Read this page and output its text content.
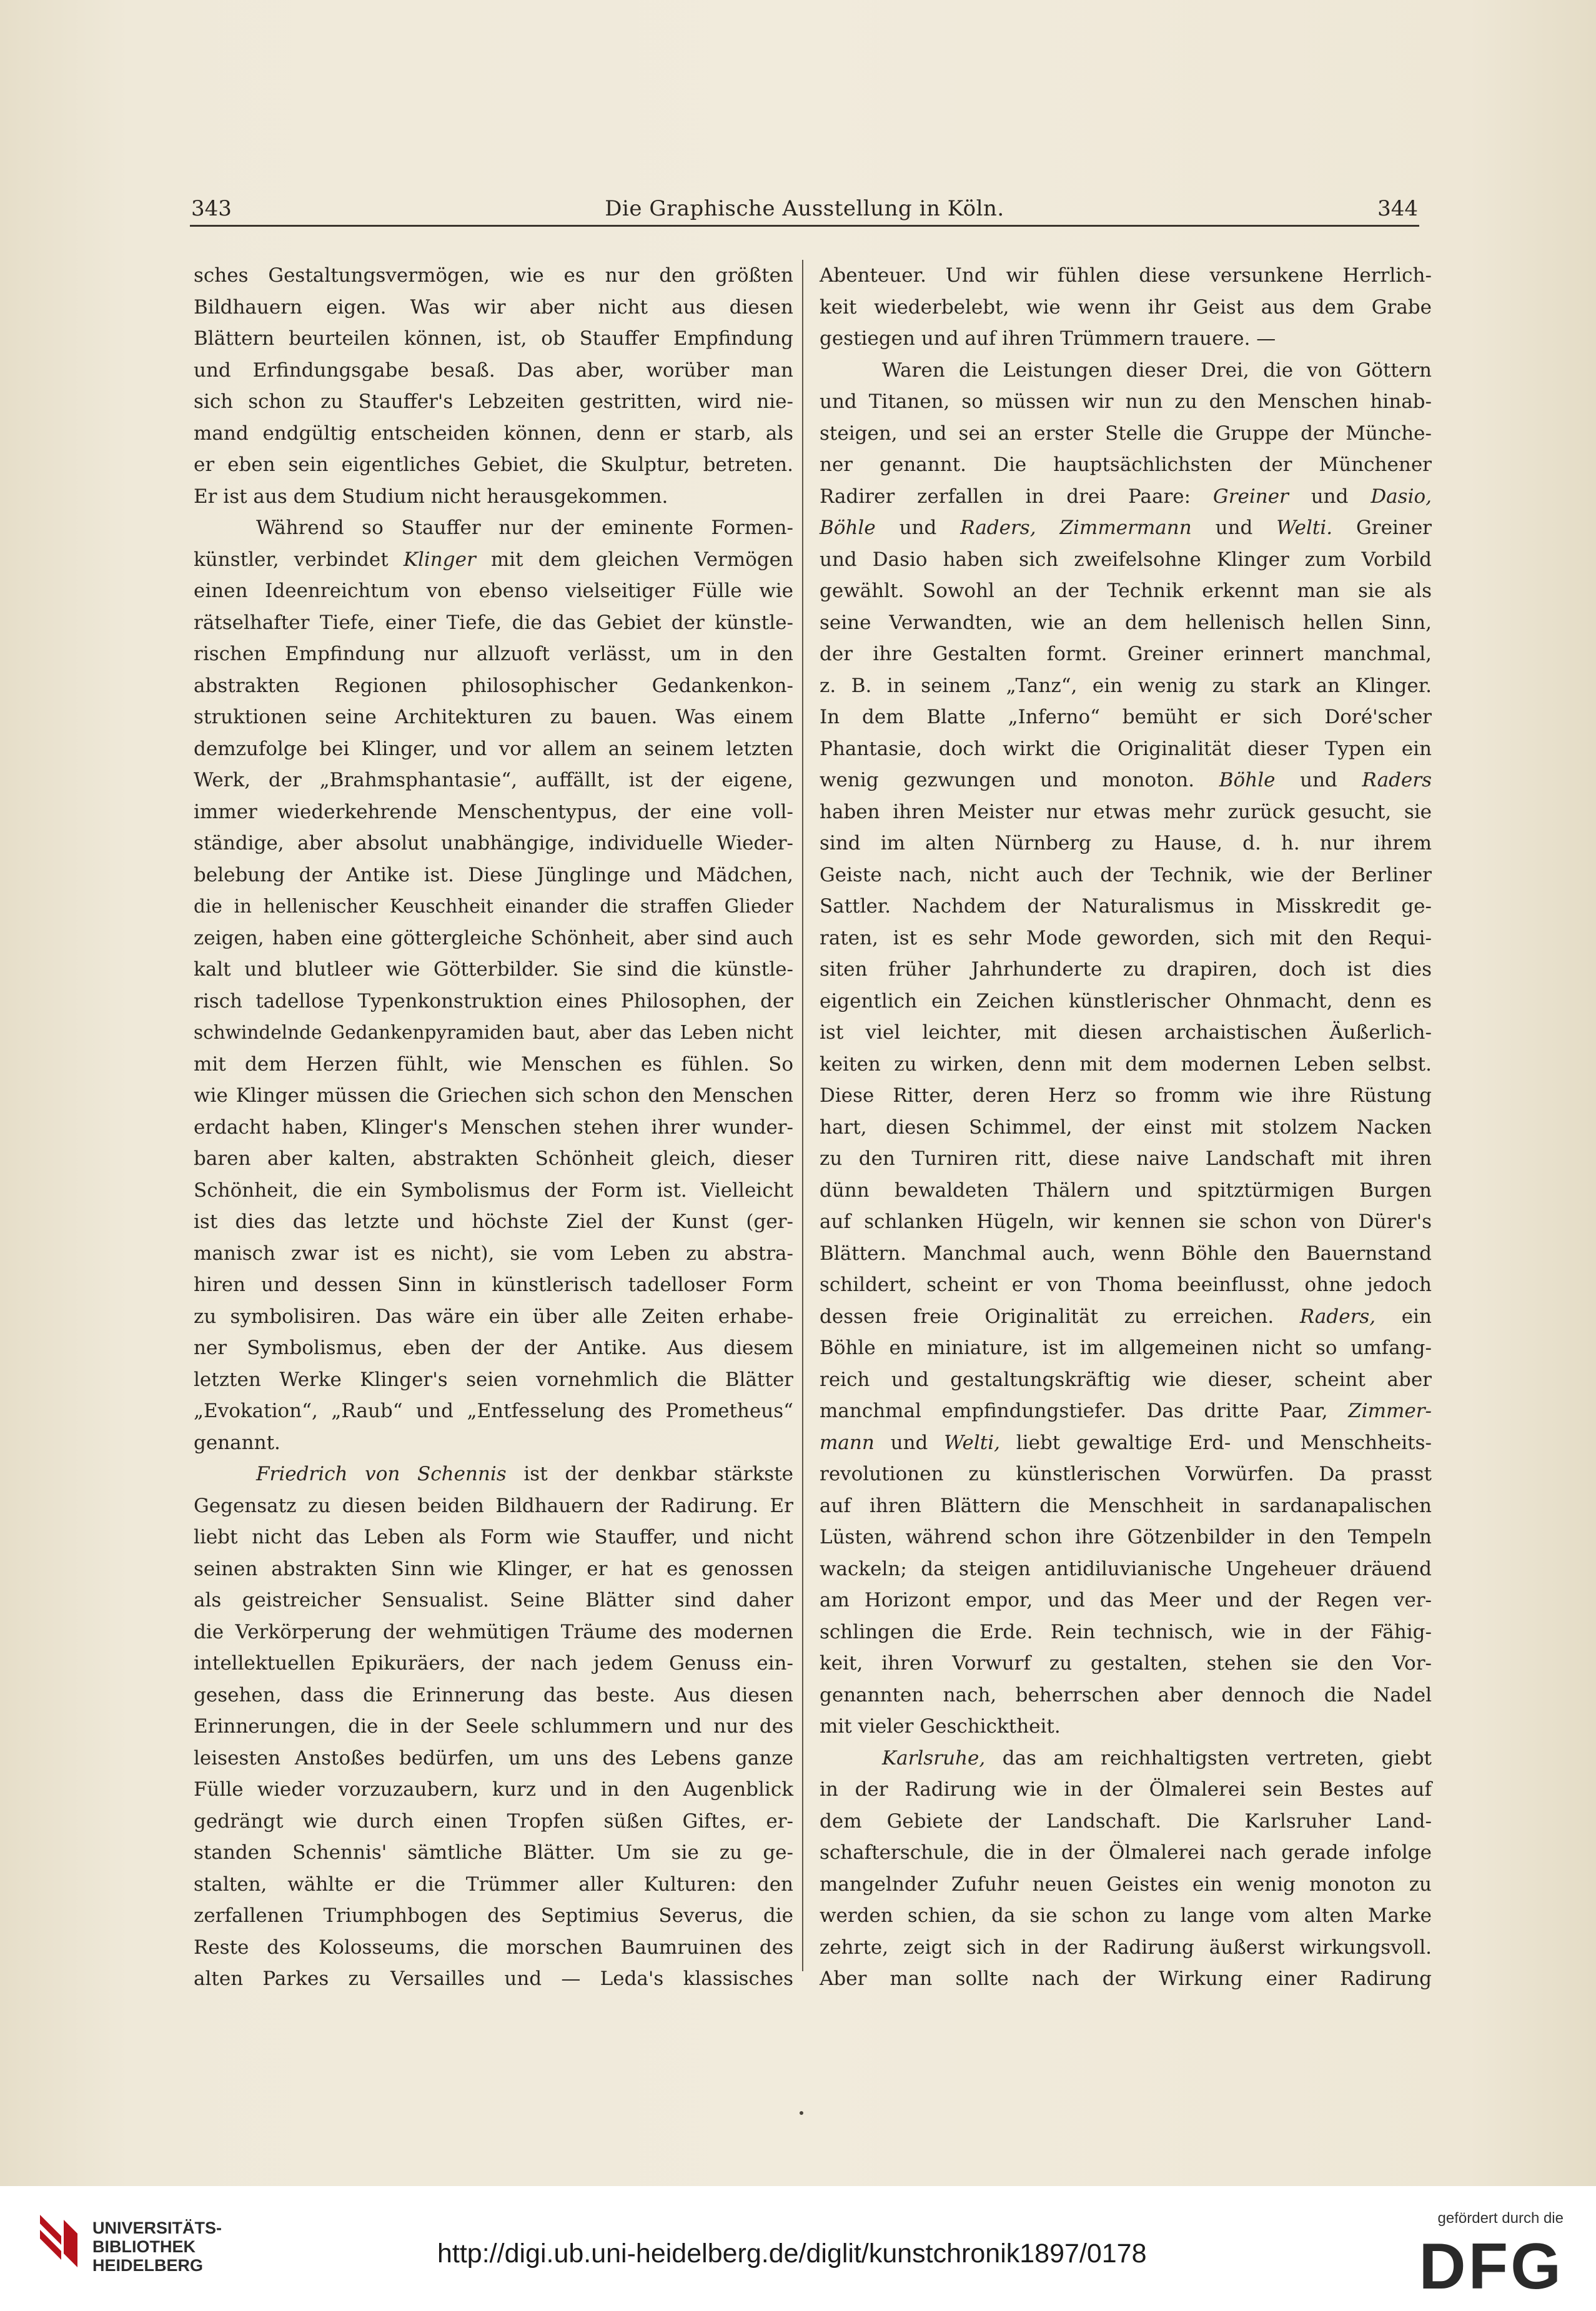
343	Die Graphische Ausstellung in Köln.	344
sches Gestaltungsvermögen, wie es nur den größten
Bildhauern eigen. Was wir aber nicht aus diesen
Blättern beurteilen können, ist, ob Stauffer Empfindung
und Erfindungsgabe besaß. Das aber, worüber man
sich schon zu Stauffer's Lebzeiten gestritten, wird nie-
mand endgültig entscheiden können, denn er starb, als
er eben sein eigentliches Gebiet, die Skulptur, betreten.
Er ist aus dem Studium nicht herausgekommen.
Während so Stauffer nur der eminente Formen-
künstler, verbindet Klinger mit dem gleichen Vermögen
einen Ideenreichtum von ebenso vielseitiger Fülle wie
rätselhafter Tiefe, einer Tiefe, die das Gebiet der künstle-
rischen Empfindung nur allzuoft verlässt, um in den
abstrakten Regionen philosophischer Gedankenkon-
struktionen seine Architekturen zu bauen. Was einem
demzufolge bei Klinger, und vor allem an seinem letzten
Werk, der „Brahmsphantasie“, auffällt, ist der eigene,
immer wiederkehrende Menschentypus, der eine voll-
ständige, aber absolut unabhängige, individuelle Wieder-
belebung der Antike ist. Diese Jünglinge und Mädchen,
die in hellenischer Keuschheit einander die straffen Glieder
zeigen, haben eine göttergleiche Schönheit, aber sind auch
kalt und blutleer wie Götterbilder. Sie sind die künstle-
risch tadellose Typenkonstruktion eines Philosophen, der
schwindelnde Gedankenpyramiden baut, aber das Leben nicht
mit dem Herzen fühlt, wie Menschen es fühlen. So
wie Klinger müssen die Griechen sich schon den Menschen
erdacht haben, Klinger's Menschen stehen ihrer wunder-
baren aber kalten, abstrakten Schönheit gleich, dieser
Schönheit, die ein Symbolismus der Form ist. Vielleicht
ist dies das letzte und höchste Ziel der Kunst (ger-
manisch zwar ist es nicht), sie vom Leben zu abstra-
hiren und dessen Sinn in künstlerisch tadelloser Form
zu symbolisiren. Das wäre ein über alle Zeiten erhabe-
ner Symbolismus, eben der der Antike. Aus diesem
letzten Werke Klinger's seien vornehmlich die Blätter
„Evokation“, „Raub“ und „Entfesselung des Prometheus“
genannt.
Friedrich von Schennis ist der denkbar stärkste
Gegensatz zu diesen beiden Bildhauern der Radirung. Er
liebt nicht das Leben als Form wie Stauffer, und nicht
seinen abstrakten Sinn wie Klinger, er hat es genossen
als geistreicher Sensualist. Seine Blätter sind daher
die Verkörperung der wehmütigen Träume des modernen
intellektuellen Epikuräers, der nach jedem Genuss ein-
gesehen, dass die Erinnerung das beste. Aus diesen
Erinnerungen, die in der Seele schlummern und nur des
leisesten Anstoßes bedürfen, um uns des Lebens ganze
Fülle wieder vorzuzaubern, kurz und in den Augenblick
gedrängt wie durch einen Tropfen süßen Giftes, er-
standen Schennis' sämtliche Blätter. Um sie zu ge-
stalten, wählte er die Trümmer aller Kulturen: den
zerfallenen Triumphbogen des Septimius Severus, die
Reste des Kolosseums, die morschen Baumruinen des
alten Parkes zu Versailles und — Leda's klassisches
Abenteuer. Und wir fühlen diese versunkene Herrlich-
keit wiederbelebt, wie wenn ihr Geist aus dem Grabe
gestiegen und auf ihren Trümmern trauere. —
Waren die Leistungen dieser Drei, die von Göttern
und Titanen, so müssen wir nun zu den Menschen hinab-
steigen, und sei an erster Stelle die Gruppe der Münche-
ner genannt. Die hauptsächlichsten der Münchener
Radirer zerfallen in drei Paare: Greiner und Dasio,
Böhle und Raders, Zimmermann und Welti. Greiner
und Dasio haben sich zweifelsohne Klinger zum Vorbild
gewählt. Sowohl an der Technik erkennt man sie als
seine Verwandten, wie an dem hellenisch hellen Sinn,
der ihre Gestalten formt. Greiner erinnert manchmal,
z. B. in seinem „Tanz“, ein wenig zu stark an Klinger.
In dem Blatte „Inferno“ bemüht er sich Doré'scher
Phantasie, doch wirkt die Originalität dieser Typen ein
wenig gezwungen und monoton. Böhle und Raders
haben ihren Meister nur etwas mehr zurück gesucht, sie
sind im alten Nürnberg zu Hause, d. h. nur ihrem
Geiste nach, nicht auch der Technik, wie der Berliner
Sattler. Nachdem der Naturalismus in Misskredit ge-
raten, ist es sehr Mode geworden, sich mit den Requi-
siten früher Jahrhunderte zu drapiren, doch ist dies
eigentlich ein Zeichen künstlerischer Ohnmacht, denn es
ist viel leichter, mit diesen archaistischen Äußerlich-
keiten zu wirken, denn mit dem modernen Leben selbst.
Diese Ritter, deren Herz so fromm wie ihre Rüstung
hart, diesen Schimmel, der einst mit stolzem Nacken
zu den Turniren ritt, diese naive Landschaft mit ihren
dünn bewaldeten Thälern und spitztürmigen Burgen
auf schlanken Hügeln, wir kennen sie schon von Dürer's
Blättern. Manchmal auch, wenn Böhle den Bauernstand
schildert, scheint er von Thoma beeinflusst, ohne jedoch
dessen freie Originalität zu erreichen. Raders, ein
Böhle en miniature, ist im allgemeinen nicht so umfang-
reich und gestaltungskräftig wie dieser, scheint aber
manchmal empfindungstiefer. Das dritte Paar, Zimmer-
mann und Welti, liebt gewaltige Erd- und Menschheits-
revolutionen zu künstlerischen Vorwürfen. Da prasst
auf ihren Blättern die Menschheit in sardanapalischen
Lüsten, während schon ihre Götzenbilder in den Tempeln
wackeln; da steigen antidiluvianische Ungeheuer dräuend
am Horizont empor, und das Meer und der Regen ver-
schlingen die Erde. Rein technisch, wie in der Fähig-
keit, ihren Vorwurf zu gestalten, stehen sie den Vor-
genannten nach, beherrschen aber dennoch die Nadel
mit vieler Geschicktheit.
Karlsruhe, das am reichhaltigsten vertreten, giebt
in der Radirung wie in der Ölmalerei sein Bestes auf
dem Gebiete der Landschaft. Die Karlsruher Land-
schafterschule, die in der Ölmalerei nach gerade infolge
mangelnder Zufuhr neuen Geistes ein wenig monoton zu
werden schien, da sie schon zu lange vom alten Marke
zehrte, zeigt sich in der Radirung äußerst wirkungsvoll.
Aber man sollte nach der Wirkung einer Radirung
UNIVERSITÄTS-
BIBLIOTHEK
HEIDELBERG	http://digi.ub.uni-heidelberg.de/diglit/kunstchronik1897/0178
gefördert durch die
DFG
